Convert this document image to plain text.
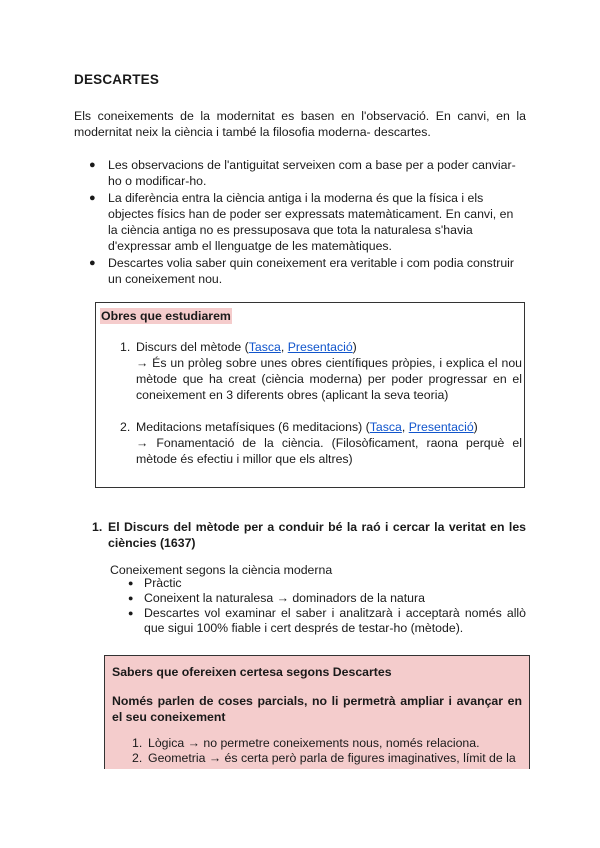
DESCARTES
Els coneixements de la modernitat es basen en l'observació. En canvi, en la modernitat neix la ciència i també la filosofia moderna- descartes.
● Les observacions de l'antiguitat serveixen com a base per a poder canviar-ho o modificar-ho.
● La diferència entra la ciència antiga i la moderna és que la física i els objectes físics han de poder ser expressats matemàticament. En canvi, en la ciència antiga no es pressuposava que tota la naturalesa s'havia d'expressar amb el llenguatge de les matemàtiques.
● Descartes volia saber quin coneixement era veritable i com podia construir un coneixement nou.
Obres que estudiarem
1. Discurs del mètode (Tasca, Presentació)
→ És un pròleg sobre unes obres científiques pròpies, i explica el nou mètode que ha creat (ciència moderna) per poder progressar en el coneixement en 3 diferents obres (aplicant la seva teoria)
2. Meditacions metafísiques (6 meditacions) (Tasca, Presentació)
→ Fonamentació de la ciència. (Filosòficament, raona perquè el mètode és efectiu i millor que els altres)
1. El Discurs del mètode per a conduir bé la raó i cercar la veritat en les ciències (1637)
Coneixement segons la ciència moderna
● Pràctic
● Coneixent la naturalesa → dominadors de la natura
● Descartes vol examinar el saber i analitzarà i acceptarà només allò que sigui 100% fiable i cert després de testar-ho (mètode).
Sabers que ofereixen certesa segons Descartes
Només parlen de coses parcials, no li permetrà ampliar i avançar en el seu coneixement
1. Lògica → no permetre coneixements nous, només relaciona.
2. Geometria → és certa però parla de figures imaginatives, límit de la
